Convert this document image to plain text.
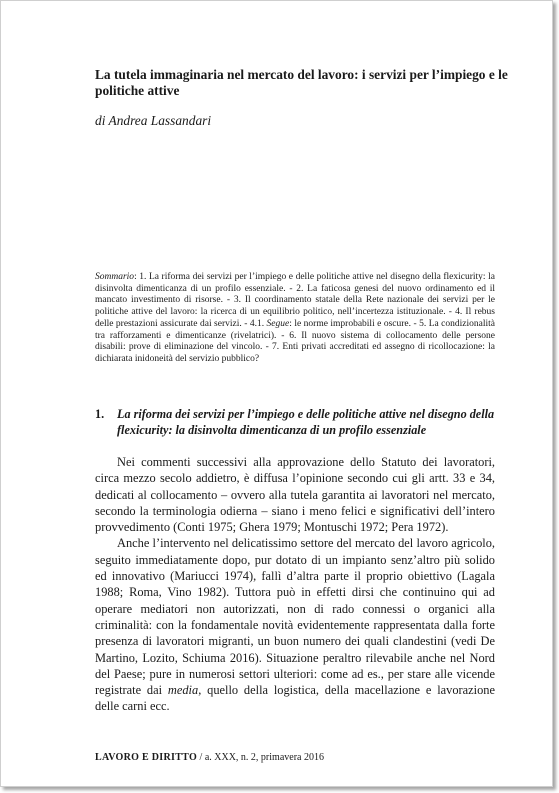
La tutela immaginaria nel mercato del lavoro: i servizi per l’impiego e le politiche attive

di Andrea Lassandari

Sommario: 1. La riforma dei servizi per l’impiego e delle politiche attive nel disegno della flexicurity: la disinvolta dimenticanza di un profilo essenziale. - 2. La faticosa genesi del nuovo ordinamento ed il mancato investimento di risorse. - 3. Il coordinamento statale della Rete nazionale dei servizi per le politiche attive del lavoro: la ricerca di un equilibrio politico, nell’incertezza istituzionale. - 4. Il rebus delle prestazioni assicurate dai servizi. - 4.1. Segue: le norme improbabili e oscure. - 5. La condizionalità tra rafforzamenti e dimenticanze (rivelatrici). - 6. Il nuovo sistema di collocamento delle persone disabili: prove di eliminazione del vincolo. - 7. Enti privati accreditati ed assegno di ricollocazione: la dichiarata inidoneità del servizio pubblico?

1. La riforma dei servizi per l’impiego e delle politiche attive nel disegno della flexicurity: la disinvolta dimenticanza di un profilo essenziale

Nei commenti successivi alla approvazione dello Statuto dei lavoratori, circa mezzo secolo addietro, è diffusa l’opinione secondo cui gli artt. 33 e 34, dedicati al collocamento – ovvero alla tutela garantita ai lavoratori nel mercato, secondo la terminologia odierna – siano i meno felici e significativi dell’intero provvedimento (Conti 1975; Ghera 1979; Montuschi 1972; Pera 1972).

Anche l’intervento nel delicatissimo settore del mercato del lavoro agricolo, seguito immediatamente dopo, pur dotato di un impianto senz’altro più solido ed innovativo (Mariucci 1974), fallì d’altra parte il proprio obiettivo (Lagala 1988; Roma, Vino 1982). Tuttora può in effetti dirsi che continuino qui ad operare mediatori non autorizzati, non di rado connessi o organici alla criminalità: con la fondamentale novità evidentemente rappresentata dalla forte presenza di lavoratori migranti, un buon numero dei quali clandestini (vedi De Martino, Lozito, Schiuma 2016). Situazione peraltro rilevabile anche nel Nord del Paese; pure in numerosi settori ulteriori: come ad es., per stare alle vicende registrate dai media, quello della logistica, della macellazione e lavorazione delle carni ecc.

LAVORO E DIRITTO / a. XXX, n. 2, primavera 2016
